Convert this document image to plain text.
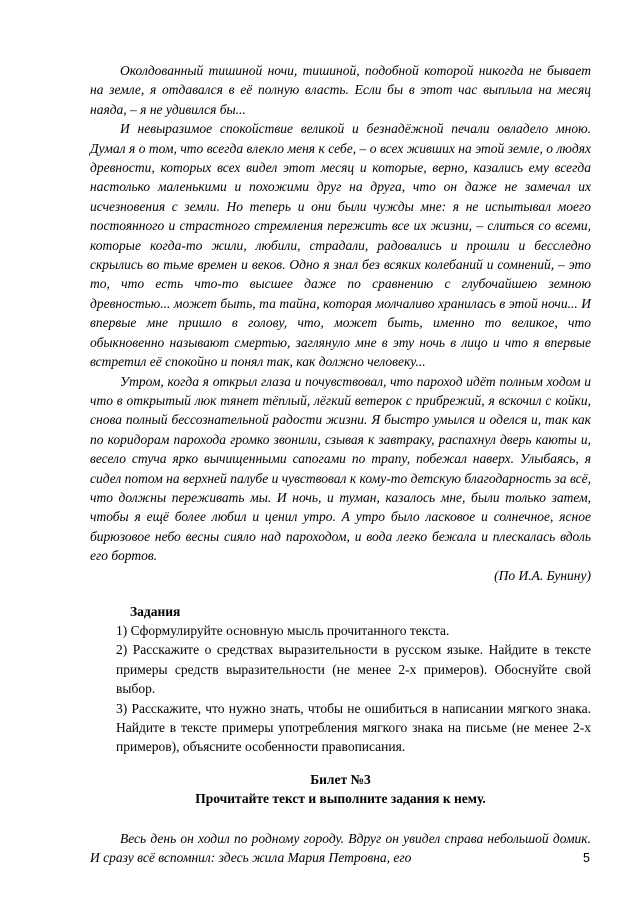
Околдованный тишиной ночи, тишиной, подобной которой никогда не бывает на земле, я отдавался в её полную власть. Если бы в этот час выплыла на месяц наяда, – я не удивился бы...

И невыразимое спокойствие великой и безнадёжной печали овладело мною. Думал я о том, что всегда влекло меня к себе, – о всех живших на этой земле, о людях древности, которых всех видел этот месяц и которые, верно, казались ему всегда настолько маленькими и похожими друг на друга, что он даже не замечал их исчезновения с земли. Но теперь и они были чужды мне: я не испытывал моего постоянного и страстного стремления пережить все их жизни, – слиться со всеми, которые когда-то жили, любили, страдали, радовались и прошли и бесследно скрылись во тьме времен и веков. Одно я знал без всяких колебаний и сомнений, – это то, что есть что-то высшее даже по сравнению с глубочайшею земною древностью... может быть, та тайна, которая молчаливо хранилась в этой ночи... И впервые мне пришло в голову, что, может быть, именно то великое, что обыкновенно называют смертью, заглянуло мне в эту ночь в лицо и что я впервые встретил её спокойно и понял так, как должно человеку...

Утром, когда я открыл глаза и почувствовал, что пароход идёт полным ходом и что в открытый люк тянет тёплый, лёгкий ветерок с прибрежий, я вскочил с койки, снова полный бессознательной радости жизни. Я быстро умылся и оделся и, так как по коридорам парохода громко звонили, сзывая к завтраку, распахнул дверь каюты и, весело стуча ярко вычищенными сапогами по трапу, побежал наверх. Улыбаясь, я сидел потом на верхней палубе и чувствовал к кому-то детскую благодарность за всё, что должны переживать мы. И ночь, и туман, казалось мне, были только затем, чтобы я ещё более любил и ценил утро. А утро было ласковое и солнечное, ясное бирюзовое небо весны сияло над пароходом, и вода легко бежала и плескалась вдоль его бортов.

(По И.А. Бунину)

Задания

1) Сформулируйте основную мысль прочитанного текста.

2) Расскажите о средствах выразительности в русском языке. Найдите в тексте примеры средств выразительности (не менее 2-х примеров). Обоснуйте свой выбор.

3) Расскажите, что нужно знать, чтобы не ошибиться в написании мягкого знака. Найдите в тексте примеры употребления мягкого знака на письме (не менее 2-х примеров), объясните особенности правописания.

Билет №3

Прочитайте текст и выполните задания к нему.

Весь день он ходил по родному городу. Вдруг он увидел справа небольшой домик. И сразу всё вспомнил: здесь жила Мария Петровна, его	5
